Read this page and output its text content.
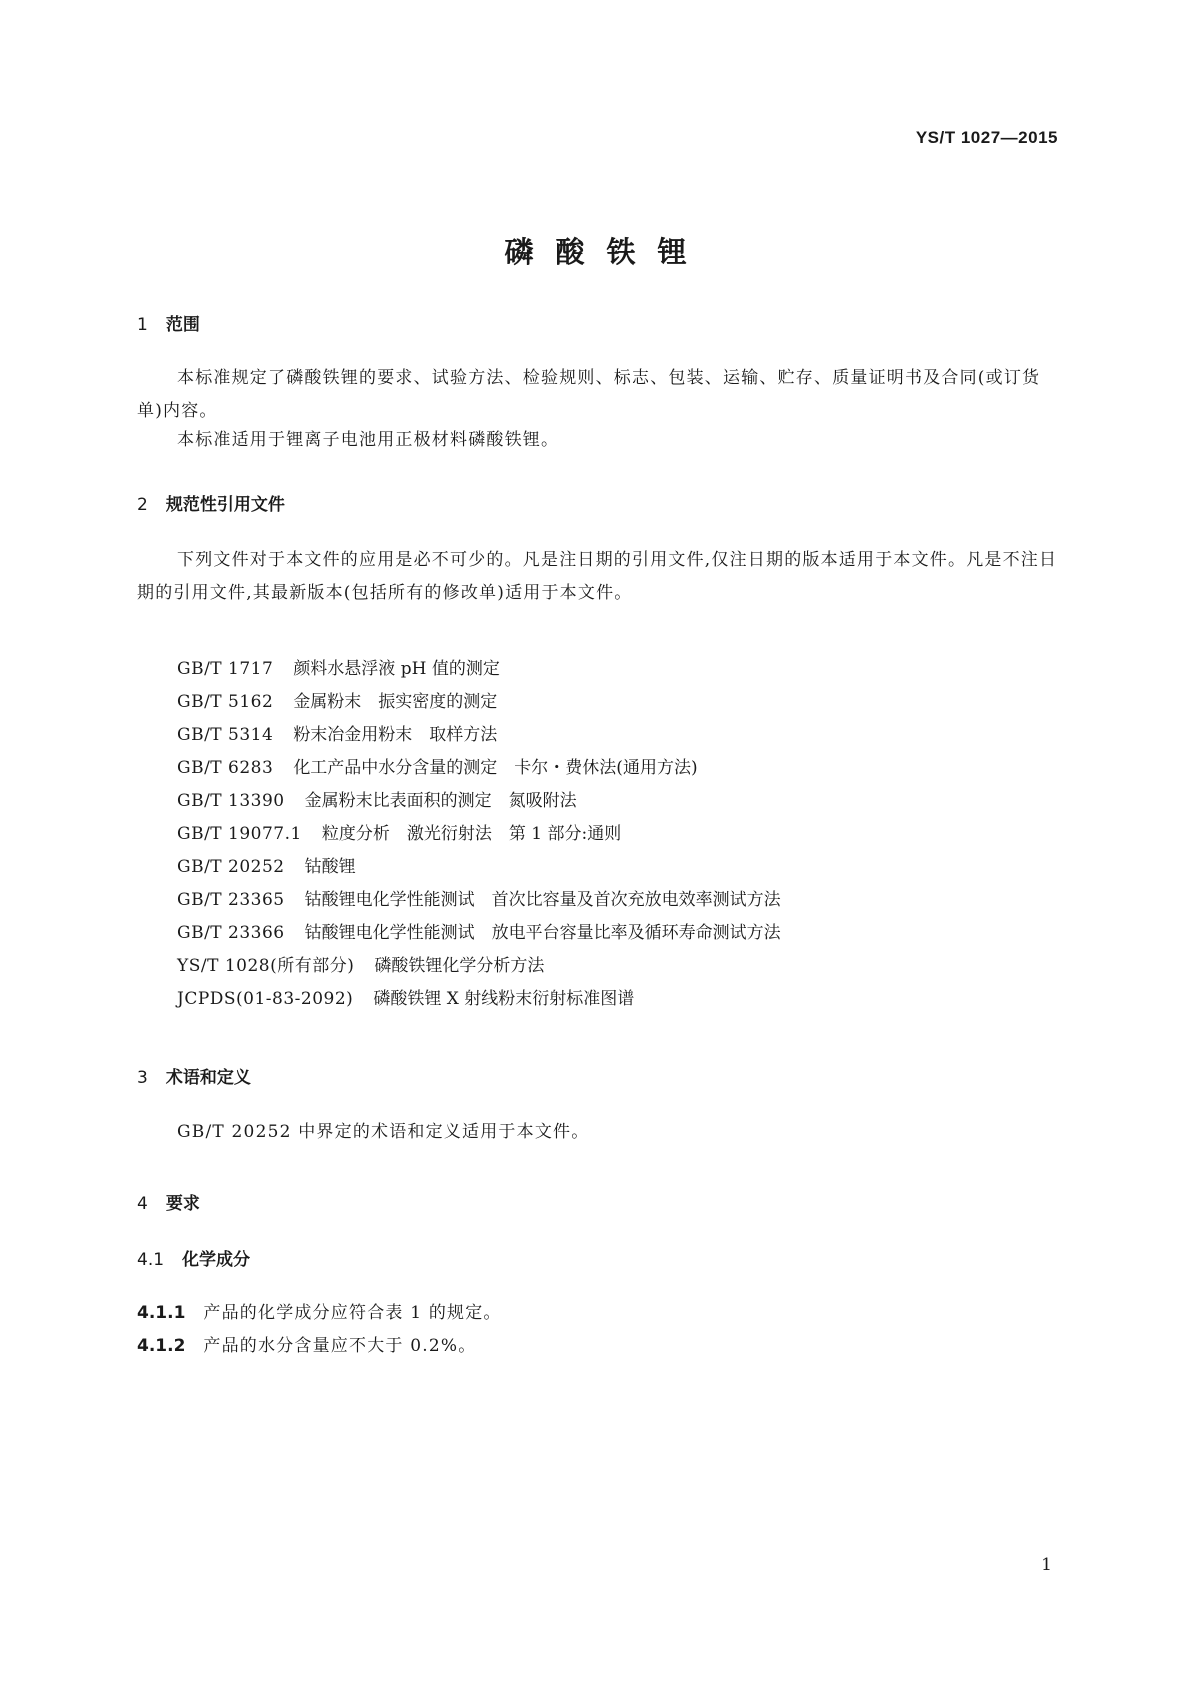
YS/T 1027—2015
磷酸铁锂
1 范围
本标准规定了磷酸铁锂的要求、试验方法、检验规则、标志、包装、运输、贮存、质量证明书及合同(或订货单)内容。
本标准适用于锂离子电池用正极材料磷酸铁锂。
2 规范性引用文件
下列文件对于本文件的应用是必不可少的。凡是注日期的引用文件,仅注日期的版本适用于本文件。凡是不注日期的引用文件,其最新版本(包括所有的修改单)适用于本文件。
GB/T 1717 颜料水悬浮液 pH 值的测定
GB/T 5162 金属粉末　振实密度的测定
GB/T 5314 粉末冶金用粉末　取样方法
GB/T 6283 化工产品中水分含量的测定　卡尔・费休法(通用方法)
GB/T 13390 金属粉末比表面积的测定　氮吸附法
GB/T 19077.1 粒度分析　激光衍射法　第 1 部分:通则
GB/T 20252 钴酸锂
GB/T 23365 钴酸锂电化学性能测试　首次比容量及首次充放电效率测试方法
GB/T 23366 钴酸锂电化学性能测试　放电平台容量比率及循环寿命测试方法
YS/T 1028(所有部分) 磷酸铁锂化学分析方法
JCPDS(01-83-2092) 磷酸铁锂 X 射线粉末衍射标准图谱
3 术语和定义
GB/T 20252 中界定的术语和定义适用于本文件。
4 要求
4.1 化学成分
4.1.1 产品的化学成分应符合表 1 的规定。
4.1.2 产品的水分含量应不大于 0.2%。
1
